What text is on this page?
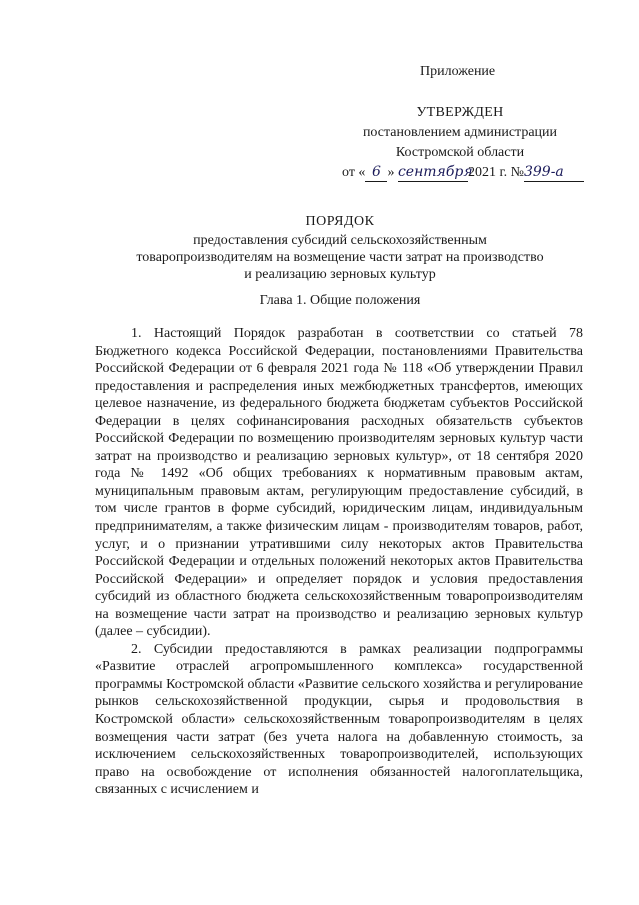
Приложение
УТВЕРЖДЕН
постановлением администрации
Костромской области
от « 6 » сентября2021 г. №399-а
ПОРЯДОК
предоставления субсидий сельскохозяйственным
товаропроизводителям на возмещение части затрат на производство
и реализацию зерновых культур
Глава 1. Общие положения

1. Настоящий Порядок разработан в соответствии со статьей 78 Бюджетного кодекса Российской Федерации, постановлениями Правительства Российской Федерации от 6 февраля 2021 года № 118 «Об утверждении Правил предоставления и распределения иных межбюджетных трансфертов, имеющих целевое назначение, из федерального бюджета бюджетам субъектов Российской Федерации в целях софинансирования расходных обязательств субъектов Российской Федерации по возмещению производителям зерновых культур части затрат на производство и реализацию зерновых культур», от 18 сентября 2020 года № 1492 «Об общих требованиях к нормативным правовым актам, муниципальным правовым актам, регулирующим предоставление субсидий, в том числе грантов в форме субсидий, юридическим лицам, индивидуальным предпринимателям, а также физическим лицам - производителям товаров, работ, услуг, и о признании утратившими силу некоторых актов Правительства Российской Федерации и отдельных положений некоторых актов Правительства Российской Федерации» и определяет порядок и условия предоставления субсидий из областного бюджета сельскохозяйственным товаропроизводителям на возмещение части затрат на производство и реализацию зерновых культур (далее – субсидии).

2. Субсидии предоставляются в рамках реализации подпрограммы «Развитие отраслей агропромышленного комплекса» государственной программы Костромской области «Развитие сельского хозяйства и регулирование рынков сельскохозяйственной продукции, сырья и продовольствия в Костромской области» сельскохозяйственным товаропроизводителям в целях возмещения части затрат (без учета налога на добавленную стоимость, за исключением сельскохозяйственных товаропроизводителей, использующих право на освобождение от исполнения обязанностей налогоплательщика, связанных с исчислением и
